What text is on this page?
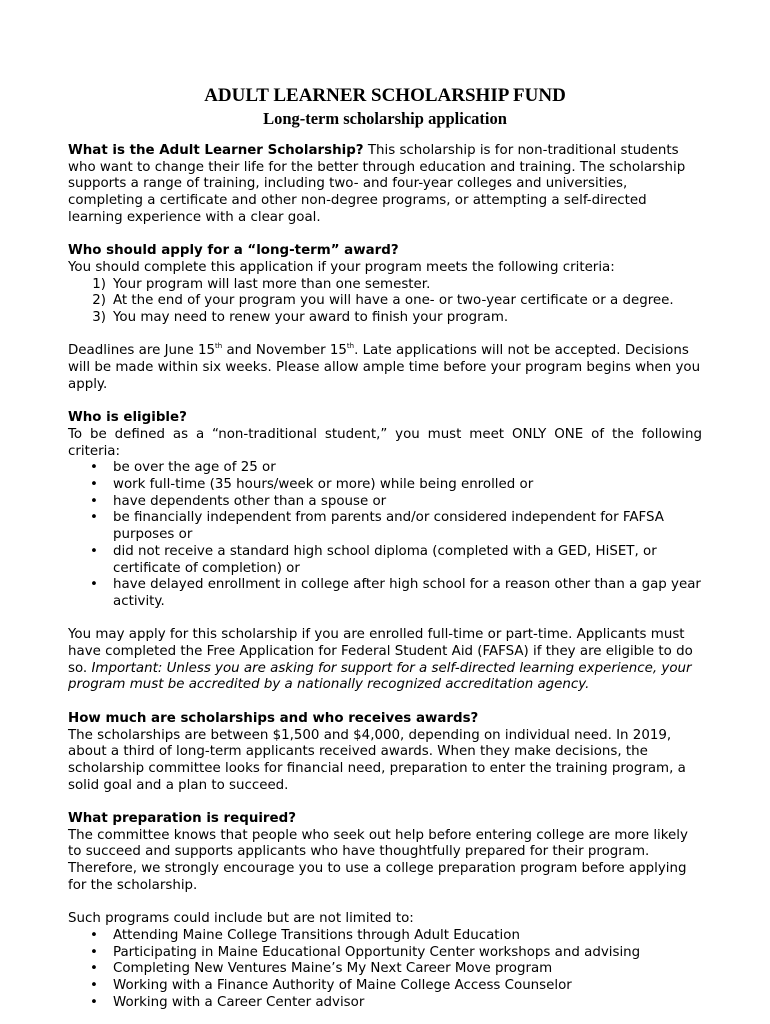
ADULT LEARNER SCHOLARSHIP FUND
Long-term scholarship application

What is the Adult Learner Scholarship? This scholarship is for non-traditional students who want to change their life for the better through education and training. The scholarship supports a range of training, including two- and four-year colleges and universities, completing a certificate and other non-degree programs, or attempting a self-directed learning experience with a clear goal.

Who should apply for a “long-term” award?
You should complete this application if your program meets the following criteria:
1) Your program will last more than one semester.
2) At the end of your program you will have a one- or two-year certificate or a degree.
3) You may need to renew your award to finish your program.

Deadlines are June 15th and November 15th. Late applications will not be accepted. Decisions will be made within six weeks. Please allow ample time before your program begins when you apply.

Who is eligible?
To be defined as a “non-traditional student,” you must meet ONLY ONE of the following criteria:
• be over the age of 25 or
• work full-time (35 hours/week or more) while being enrolled or
• have dependents other than a spouse or
• be financially independent from parents and/or considered independent for FAFSA purposes or
• did not receive a standard high school diploma (completed with a GED, HiSET, or certificate of completion) or
• have delayed enrollment in college after high school for a reason other than a gap year activity.

You may apply for this scholarship if you are enrolled full-time or part-time. Applicants must have completed the Free Application for Federal Student Aid (FAFSA) if they are eligible to do so. Important: Unless you are asking for support for a self-directed learning experience, your program must be accredited by a nationally recognized accreditation agency.

How much are scholarships and who receives awards?
The scholarships are between $1,500 and $4,000, depending on individual need. In 2019, about a third of long-term applicants received awards. When they make decisions, the scholarship committee looks for financial need, preparation to enter the training program, a solid goal and a plan to succeed.
What preparation is required?
The committee knows that people who seek out help before entering college are more likely to succeed and supports applicants who have thoughtfully prepared for their program. Therefore, we strongly encourage you to use a college preparation program before applying for the scholarship.
Such programs could include but are not limited to:
• Attending Maine College Transitions through Adult Education
• Participating in Maine Educational Opportunity Center workshops and advising
• Completing New Ventures Maine’s My Next Career Move program
• Working with a Finance Authority of Maine College Access Counselor
• Working with a Career Center advisor
